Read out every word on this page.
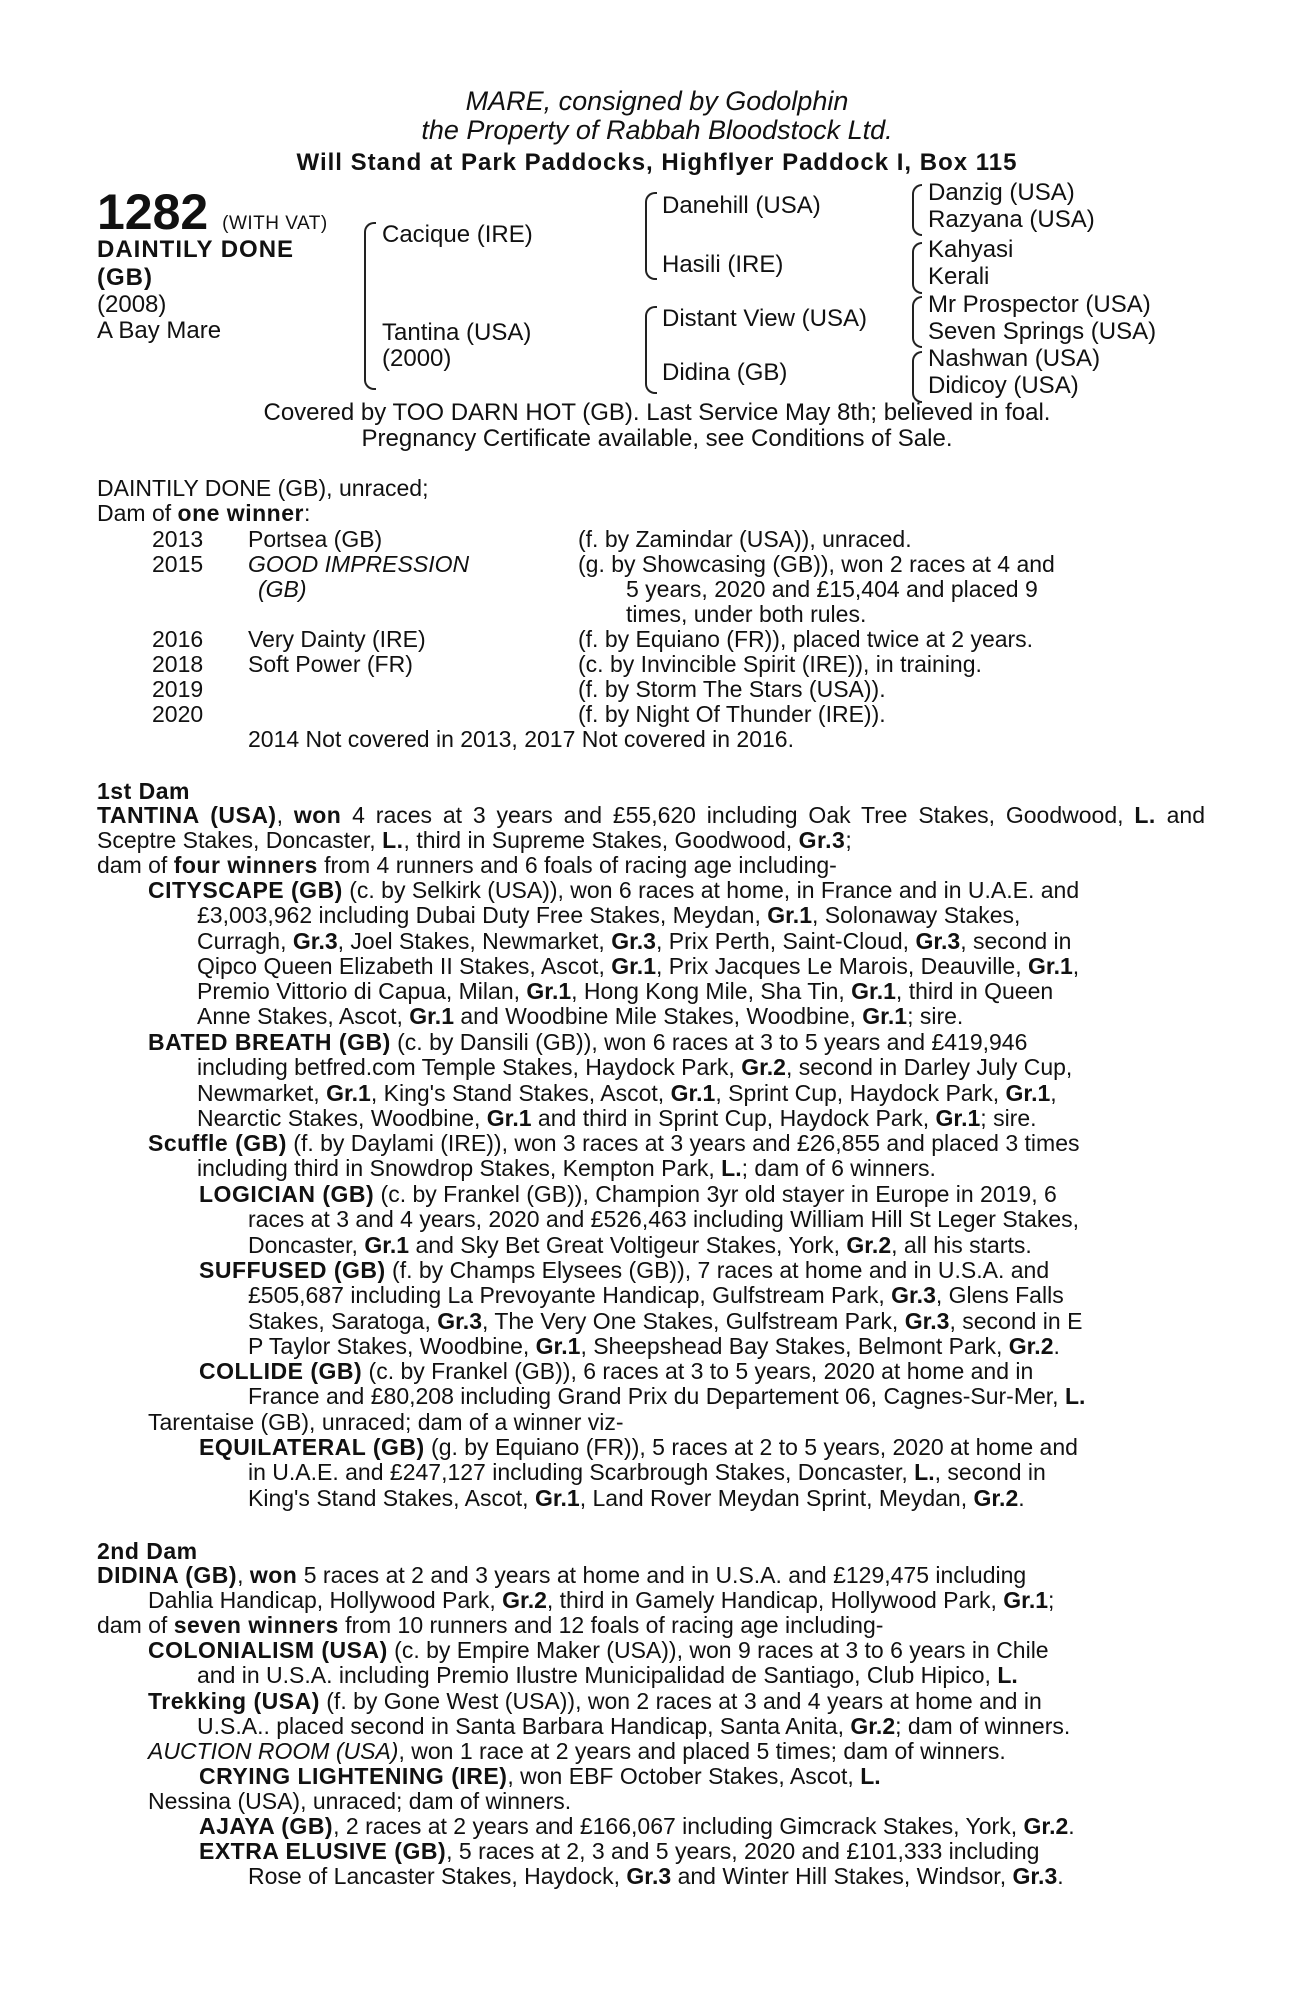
MARE, consigned by Godolphin
the Property of Rabbah Bloodstock Ltd.
Will Stand at Park Paddocks, Highflyer Paddock I, Box 115
1282 (WITH VAT)
DAINTILY DONE
(GB)
(2008)
A Bay Mare
Cacique (IRE)
Tantina (USA)
(2000)
Danehill (USA)
Hasili (IRE)
Distant View (USA)
Didina (GB)
Danzig (USA)
Razyana (USA)
Kahyasi
Kerali
Mr Prospector (USA)
Seven Springs (USA)
Nashwan (USA)
Didicoy (USA)
Covered by TOO DARN HOT (GB). Last Service May 8th; believed in foal.
Pregnancy Certificate available, see Conditions of Sale.
DAINTILY DONE (GB), unraced;
Dam of one winner:
2013 Portsea (GB)	(f. by Zamindar (USA)), unraced.
2015 GOOD IMPRESSION	(g. by Showcasing (GB)), won 2 races at 4 and
(GB)	5 years, 2020 and £15,404 and placed 9
times, under both rules.
2016 Very Dainty (IRE)	(f. by Equiano (FR)), placed twice at 2 years.
2018 Soft Power (FR)	(c. by Invincible Spirit (IRE)), in training.
2019	(f. by Storm The Stars (USA)).
2020	(f. by Night Of Thunder (IRE)).
2014 Not covered in 2013, 2017 Not covered in 2016.
1st Dam
TANTINA (USA), won 4 races at 3 years and £55,620 including Oak Tree Stakes, Goodwood, L. and Sceptre Stakes, Doncaster, L., third in Supreme Stakes, Goodwood, Gr.3;
dam of four winners from 4 runners and 6 foals of racing age including-
CITYSCAPE (GB) (c. by Selkirk (USA)), won 6 races at home, in France and in U.A.E. and
£3,003,962 including Dubai Duty Free Stakes, Meydan, Gr.1, Solonaway Stakes,
Curragh, Gr.3, Joel Stakes, Newmarket, Gr.3, Prix Perth, Saint-Cloud, Gr.3, second in
Qipco Queen Elizabeth II Stakes, Ascot, Gr.1, Prix Jacques Le Marois, Deauville, Gr.1,
Premio Vittorio di Capua, Milan, Gr.1, Hong Kong Mile, Sha Tin, Gr.1, third in Queen
Anne Stakes, Ascot, Gr.1 and Woodbine Mile Stakes, Woodbine, Gr.1; sire.
BATED BREATH (GB) (c. by Dansili (GB)), won 6 races at 3 to 5 years and £419,946
including betfred.com Temple Stakes, Haydock Park, Gr.2, second in Darley July Cup,
Newmarket, Gr.1, King's Stand Stakes, Ascot, Gr.1, Sprint Cup, Haydock Park, Gr.1,
Nearctic Stakes, Woodbine, Gr.1 and third in Sprint Cup, Haydock Park, Gr.1; sire.
Scuffle (GB) (f. by Daylami (IRE)), won 3 races at 3 years and £26,855 and placed 3 times
including third in Snowdrop Stakes, Kempton Park, L.; dam of 6 winners.
LOGICIAN (GB) (c. by Frankel (GB)), Champion 3yr old stayer in Europe in 2019, 6
races at 3 and 4 years, 2020 and £526,463 including William Hill St Leger Stakes,
Doncaster, Gr.1 and Sky Bet Great Voltigeur Stakes, York, Gr.2, all his starts.
SUFFUSED (GB) (f. by Champs Elysees (GB)), 7 races at home and in U.S.A. and
£505,687 including La Prevoyante Handicap, Gulfstream Park, Gr.3, Glens Falls
Stakes, Saratoga, Gr.3, The Very One Stakes, Gulfstream Park, Gr.3, second in E
P Taylor Stakes, Woodbine, Gr.1, Sheepshead Bay Stakes, Belmont Park, Gr.2.
COLLIDE (GB) (c. by Frankel (GB)), 6 races at 3 to 5 years, 2020 at home and in
France and £80,208 including Grand Prix du Departement 06, Cagnes-Sur-Mer, L.
Tarentaise (GB), unraced; dam of a winner viz-
EQUILATERAL (GB) (g. by Equiano (FR)), 5 races at 2 to 5 years, 2020 at home and
in U.A.E. and £247,127 including Scarbrough Stakes, Doncaster, L., second in
King's Stand Stakes, Ascot, Gr.1, Land Rover Meydan Sprint, Meydan, Gr.2.
2nd Dam
DIDINA (GB), won 5 races at 2 and 3 years at home and in U.S.A. and £129,475 including
Dahlia Handicap, Hollywood Park, Gr.2, third in Gamely Handicap, Hollywood Park, Gr.1;
dam of seven winners from 10 runners and 12 foals of racing age including-
COLONIALISM (USA) (c. by Empire Maker (USA)), won 9 races at 3 to 6 years in Chile
and in U.S.A. including Premio Ilustre Municipalidad de Santiago, Club Hipico, L.
Trekking (USA) (f. by Gone West (USA)), won 2 races at 3 and 4 years at home and in
U.S.A.. placed second in Santa Barbara Handicap, Santa Anita, Gr.2; dam of winners.
AUCTION ROOM (USA), won 1 race at 2 years and placed 5 times; dam of winners.
CRYING LIGHTENING (IRE), won EBF October Stakes, Ascot, L.
Nessina (USA), unraced; dam of winners.
AJAYA (GB), 2 races at 2 years and £166,067 including Gimcrack Stakes, York, Gr.2.
EXTRA ELUSIVE (GB), 5 races at 2, 3 and 5 years, 2020 and £101,333 including
Rose of Lancaster Stakes, Haydock, Gr.3 and Winter Hill Stakes, Windsor, Gr.3.
